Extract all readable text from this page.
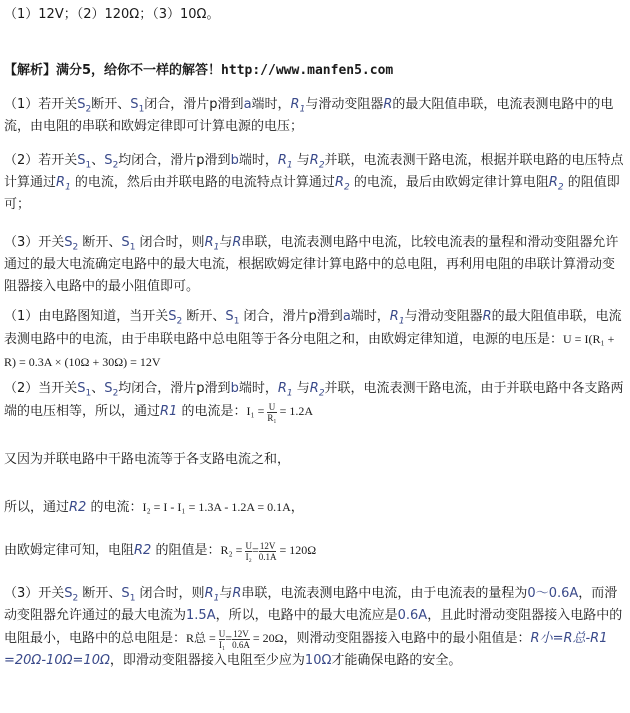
（1）12V；（2）120Ω；（3）10Ω。
【解析】满分5，给你不一样的解答！http://www.manfen5.com
（1）若开关$S_2$断开、$S_1$闭合，滑片p滑到a端时，$R_1$与滑动变阻器R的最大阻值串联，电流表测电路中的电流，由电阻的串联和欧姆定律即可计算电源的电压；
（2）若开关$S_1$、$S_2$均闭合，滑片p滑到b端时，$R_1$ 与$R_2$并联，电流表测干路电流，根据并联电路的电压特点计算通过$R_1$ 的电流，然后由并联电路的电流特点计算通过$R_2$ 的电流，最后由欧姆定律计算电阻$R_2$ 的阻值即可；
（3）开关$S_2$ 断开、$S_1$ 闭合时，则$R_1$与R串联，电流表测电路中电流，比较电流表的量程和滑动变阻器允许通过的最大电流确定电路中的最大电流，根据欧姆定律计算电路中的总电阻，再利用电阻的串联计算滑动变阻器接入电路中的最小阻值即可。
（1）由电路图知道，当开关$S_2$ 断开、$S_1$ 闭合，滑片p滑到a端时，$R_1$与滑动变阻器R的最大阻值串联，电流表测电路中的电流，由于串联电路中总电阻等于各分电阻之和，由欧姆定律知道，电源的电压是：U = I(R₁ + R) = 0.3A × (10Ω + 30Ω) = 12V
（2）当开关$S_1$、$S_2$均闭合，滑片p滑到b端时，$R_1$ 与$R_2$并联，电流表测干路电流，由于并联电路中各支路两端的电压相等，所以，通过R1 的电流是：$I_1 = \frac{U}{\text{R₁}} = 1.2A$
又因为并联电路中干路电流等于各支路电流之和，
所以，通过R2 的电流：I₂ = I - I₁ = 1.3A - 1.2A = 0.1A，
由欧姆定律可知，电阻R2 的阻值是：$R_2 = \frac{U}{\text{I₂}} = \frac{12V}{0.1A} = 120\Omega$
（3）开关$S_2$ 断开、$S_1$ 闭合时，则$R_1$与R串联，电流表测电路中电流，由于电流表的量程为0～0.6A，而滑动变阻器允许通过的最大电流为1.5A，所以，电路中的最大电流应是0.6A，且此时滑动变阻器接入电路中的电阻最小，电路中的总电阻是：R总 = $\frac{U}{\text{I₁}} = \frac{12V}{0.6A} = 20\Omega$，则滑动变阻器接入电路中的最小阻值是：R小=R总-R1 =20Ω-10Ω=10Ω，即滑动变阻器接入电阻至少应为10Ω才能确保电路的安全。
